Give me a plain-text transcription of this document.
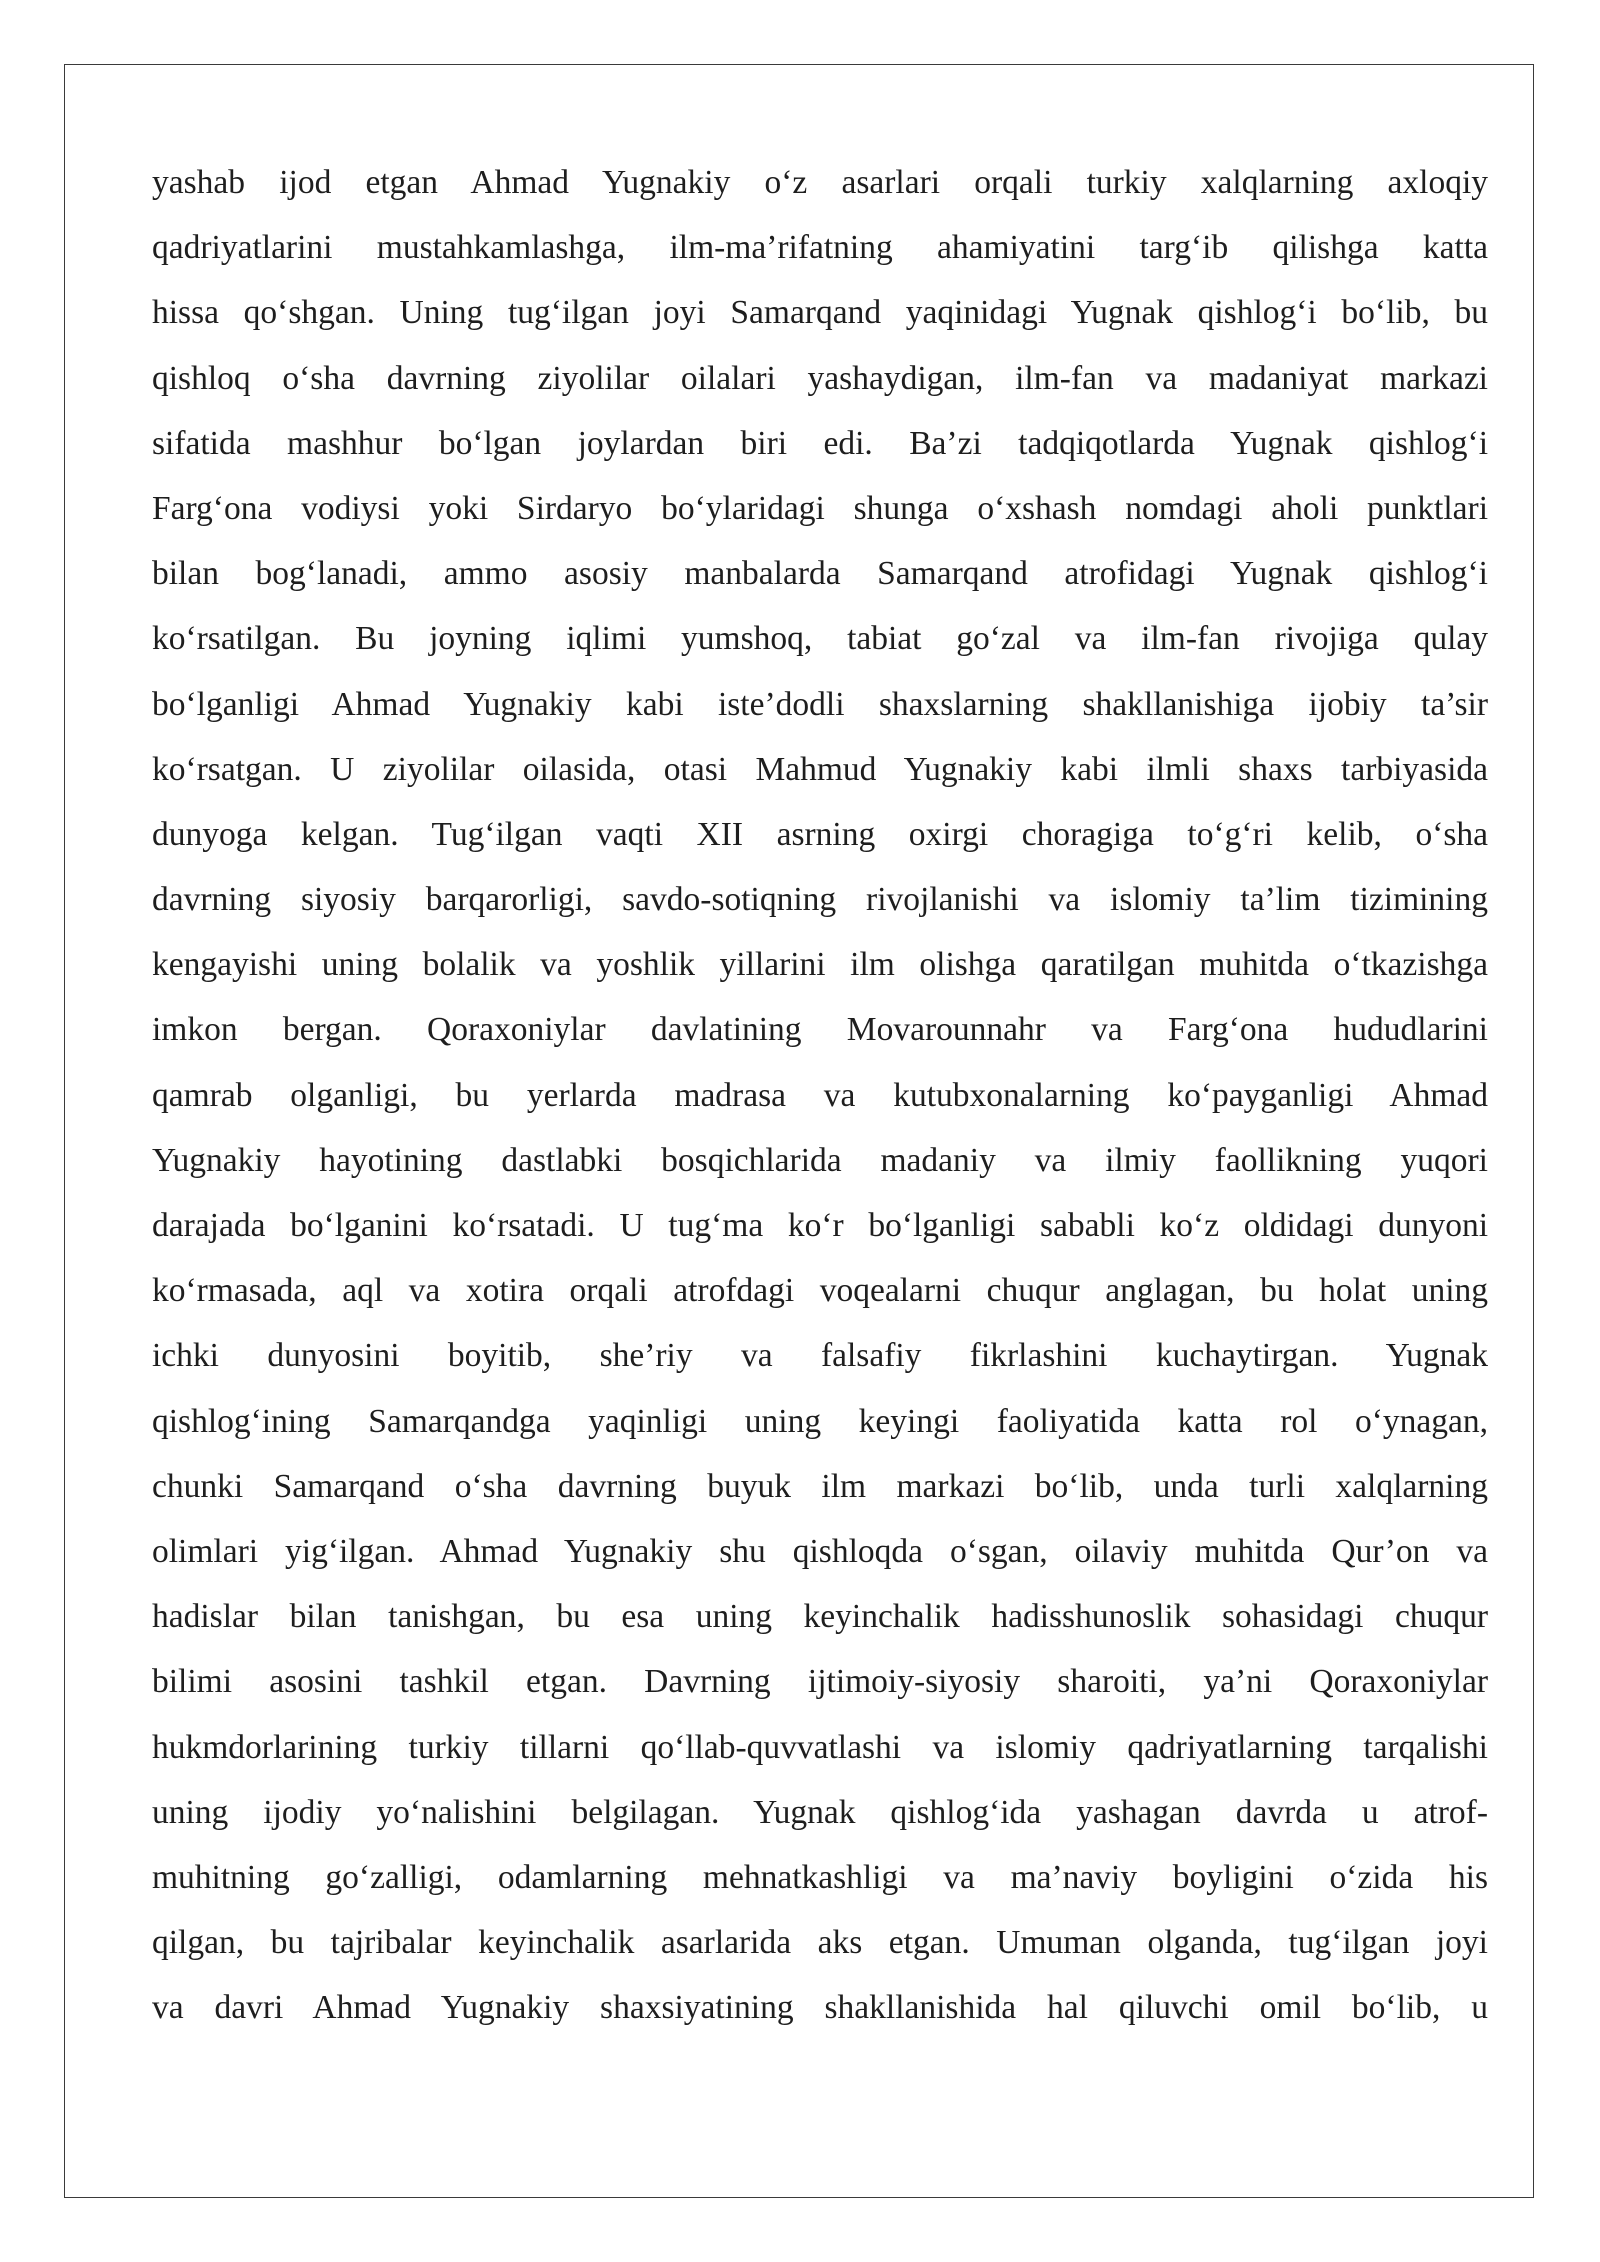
yashab ijod etgan Ahmad Yugnakiy o‘z asarlari orqali turkiy xalqlarning axloqiy
qadriyatlarini mustahkamlashga, ilm-ma’rifatning ahamiyatini targ‘ib qilishga katta
hissa qo‘shgan. Uning tug‘ilgan joyi Samarqand yaqinidagi Yugnak qishlog‘i bo‘lib, bu
qishloq o‘sha davrning ziyolilar oilalari yashaydigan, ilm-fan va madaniyat markazi
sifatida mashhur bo‘lgan joylardan biri edi. Ba’zi tadqiqotlarda Yugnak qishlog‘i
Farg‘ona vodiysi yoki Sirdaryo bo‘ylaridagi shunga o‘xshash nomdagi aholi punktlari
bilan bog‘lanadi, ammo asosiy manbalarda Samarqand atrofidagi Yugnak qishlog‘i
ko‘rsatilgan. Bu joyning iqlimi yumshoq, tabiat go‘zal va ilm-fan rivojiga qulay
bo‘lganligi Ahmad Yugnakiy kabi iste’dodli shaxslarning shakllanishiga ijobiy ta’sir
ko‘rsatgan. U ziyolilar oilasida, otasi Mahmud Yugnakiy kabi ilmli shaxs tarbiyasida
dunyoga kelgan. Tug‘ilgan vaqti XII asrning oxirgi choragiga to‘g‘ri kelib, o‘sha
davrning siyosiy barqarorligi, savdo-sotiqning rivojlanishi va islomiy ta’lim tizimining
kengayishi uning bolalik va yoshlik yillarini ilm olishga qaratilgan muhitda o‘tkazishga
imkon bergan. Qoraxoniylar davlatining Movarounnahr va Farg‘ona hududlarini
qamrab olganligi, bu yerlarda madrasa va kutubxonalarning ko‘payganligi Ahmad
Yugnakiy hayotining dastlabki bosqichlarida madaniy va ilmiy faollikning yuqori
darajada bo‘lganini ko‘rsatadi. U tug‘ma ko‘r bo‘lganligi sababli ko‘z oldidagi dunyoni
ko‘rmasada, aql va xotira orqali atrofdagi voqealarni chuqur anglagan, bu holat uning
ichki dunyosini boyitib, she’riy va falsafiy fikrlashini kuchaytirgan. Yugnak
qishlog‘ining Samarqandga yaqinligi uning keyingi faoliyatida katta rol o‘ynagan,
chunki Samarqand o‘sha davrning buyuk ilm markazi bo‘lib, unda turli xalqlarning
olimlari yig‘ilgan. Ahmad Yugnakiy shu qishloqda o‘sgan, oilaviy muhitda Qur’on va
hadislar bilan tanishgan, bu esa uning keyinchalik hadisshunoslik sohasidagi chuqur
bilimi asosini tashkil etgan. Davrning ijtimoiy-siyosiy sharoiti, ya’ni Qoraxoniylar
hukmdorlarining turkiy tillarni qo‘llab-quvvatlashi va islomiy qadriyatlarning tarqalishi
uning ijodiy yo‘nalishini belgilagan. Yugnak qishlog‘ida yashagan davrda u atrof-
muhitning go‘zalligi, odamlarning mehnatkashligi va ma’naviy boyligini o‘zida his
qilgan, bu tajribalar keyinchalik asarlarida aks etgan. Umuman olganda, tug‘ilgan joyi
va davri Ahmad Yugnakiy shaxsiyatining shakllanishida hal qiluvchi omil bo‘lib, u
